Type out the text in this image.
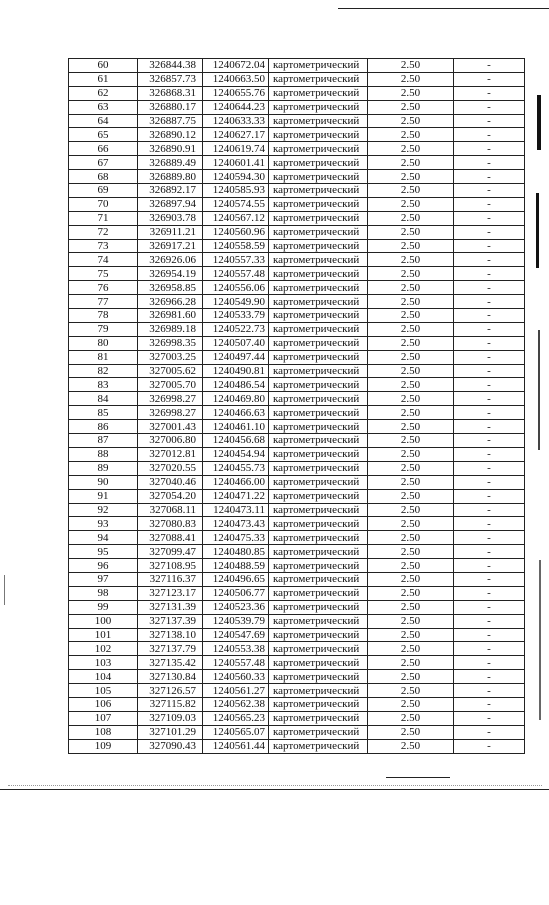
60	326844.38	1240672.04	картометрический	2.50	-
61	326857.73	1240663.50	картометрический	2.50	-
62	326868.31	1240655.76	картометрический	2.50	-
63	326880.17	1240644.23	картометрический	2.50	-
64	326887.75	1240633.33	картометрический	2.50	-
65	326890.12	1240627.17	картометрический	2.50	-
66	326890.91	1240619.74	картометрический	2.50	-
67	326889.49	1240601.41	картометрический	2.50	-
68	326889.80	1240594.30	картометрический	2.50	-
69	326892.17	1240585.93	картометрический	2.50	-
70	326897.94	1240574.55	картометрический	2.50	-
71	326903.78	1240567.12	картометрический	2.50	-
72	326911.21	1240560.96	картометрический	2.50	-
73	326917.21	1240558.59	картометрический	2.50	-
74	326926.06	1240557.33	картометрический	2.50	-
75	326954.19	1240557.48	картометрический	2.50	-
76	326958.85	1240556.06	картометрический	2.50	-
77	326966.28	1240549.90	картометрический	2.50	-
78	326981.60	1240533.79	картометрический	2.50	-
79	326989.18	1240522.73	картометрический	2.50	-
80	326998.35	1240507.40	картометрический	2.50	-
81	327003.25	1240497.44	картометрический	2.50	-
82	327005.62	1240490.81	картометрический	2.50	-
83	327005.70	1240486.54	картометрический	2.50	-
84	326998.27	1240469.80	картометрический	2.50	-
85	326998.27	1240466.63	картометрический	2.50	-
86	327001.43	1240461.10	картометрический	2.50	-
87	327006.80	1240456.68	картометрический	2.50	-
88	327012.81	1240454.94	картометрический	2.50	-
89	327020.55	1240455.73	картометрический	2.50	-
90	327040.46	1240466.00	картометрический	2.50	-
91	327054.20	1240471.22	картометрический	2.50	-
92	327068.11	1240473.11	картометрический	2.50	-
93	327080.83	1240473.43	картометрический	2.50	-
94	327088.41	1240475.33	картометрический	2.50	-
95	327099.47	1240480.85	картометрический	2.50	-
96	327108.95	1240488.59	картометрический	2.50	-
97	327116.37	1240496.65	картометрический	2.50	-
98	327123.17	1240506.77	картометрический	2.50	-
99	327131.39	1240523.36	картометрический	2.50	-
100	327137.39	1240539.79	картометрический	2.50	-
101	327138.10	1240547.69	картометрический	2.50	-
102	327137.79	1240553.38	картометрический	2.50	-
103	327135.42	1240557.48	картометрический	2.50	-
104	327130.84	1240560.33	картометрический	2.50	-
105	327126.57	1240561.27	картометрический	2.50	-
106	327115.82	1240562.38	картометрический	2.50	-
107	327109.03	1240565.23	картометрический	2.50	-
108	327101.29	1240565.07	картометрический	2.50	-
109	327090.43	1240561.44	картометрический	2.50	-
